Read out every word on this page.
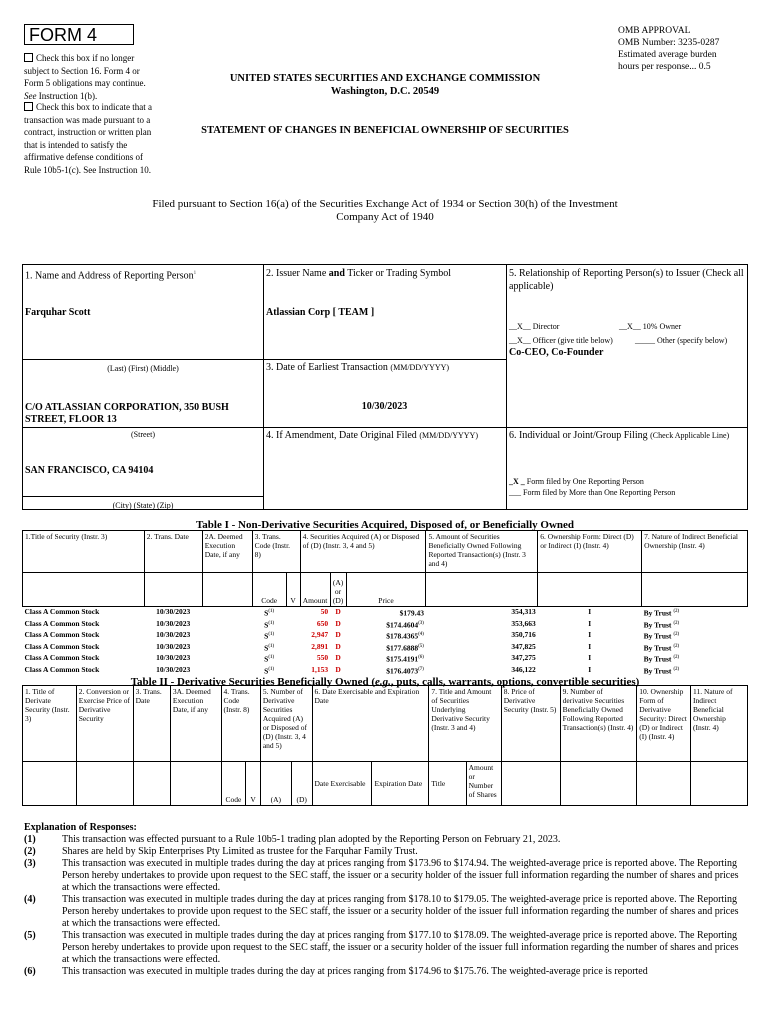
FORM 4
Check this box if no longer subject to Section 16. Form 4 or Form 5 obligations may continue. See Instruction 1(b).
Check this box to indicate that a transaction was made pursuant to a contract, instruction or written plan that is intended to satisfy the affirmative defense conditions of Rule 10b5-1(c). See Instruction 10.
OMB APPROVAL
OMB Number: 3235-0287
Estimated average burden
hours per response... 0.5
UNITED STATES SECURITIES AND EXCHANGE COMMISSION
Washington, D.C. 20549
STATEMENT OF CHANGES IN BENEFICIAL OWNERSHIP OF SECURITIES
Filed pursuant to Section 16(a) of the Securities Exchange Act of 1934 or Section 30(h) of the Investment Company Act of 1940
1. Name and Address of Reporting Person$^1$
Farquhar Scott
(Last) (First) (Middle)
C/O ATLASSIAN CORPORATION, 350 BUSH STREET, FLOOR 13
(Street)
SAN FRANCISCO, CA 94104
(City) (State) (Zip)
2. Issuer Name and Ticker or Trading Symbol
Atlassian Corp [ TEAM ]
3. Date of Earliest Transaction (MM/DD/YYYY)
10/30/2023
4. If Amendment, Date Original Filed (MM/DD/YYYY)
5. Relationship of Reporting Person(s) to Issuer (Check all applicable)
__X__ Director	__X__ 10% Owner
__X__ Officer (give title below)	_____ Other (specify below)
Co-CEO, Co-Founder
6. Individual or Joint/Group Filing (Check Applicable Line)
_X _ Form filed by One Reporting Person
___ Form filed by More than One Reporting Person
Table I - Non-Derivative Securities Acquired, Disposed of, or Beneficially Owned
1.Title of Security (Instr. 3)	2. Trans. Date	2A. Deemed Execution Date, if any	3. Trans. Code (Instr. 8)		4. Securities Acquired (A) or Disposed of (D) (Instr. 3, 4 and 5)			5. Amount of Securities Beneficially Owned Following Reported Transaction(s) (Instr. 3 and 4)	6. Ownership Form: Direct (D) or Indirect (I) (Instr. 4)	7. Nature of Indirect Beneficial Ownership (Instr. 4)
			Code	V	Amount	(A) or (D)	Price			
Class A Common Stock	10/30/2023		$S^{(1)}$		50	D	$179.43	354,313	I	By Trust $^{(2)}$
Class A Common Stock	10/30/2023		$S^{(1)}$		650	D	$174.4604$^{(3)}$	353,663	I	By Trust $^{(2)}$
Class A Common Stock	10/30/2023		$S^{(1)}$		2,947	D	$178.4365$^{(4)}$	350,716	I	By Trust $^{(2)}$
Class A Common Stock	10/30/2023		$S^{(1)}$		2,891	D	$177.6888$^{(5)}$	347,825	I	By Trust $^{(2)}$
Class A Common Stock	10/30/2023		$S^{(1)}$		550	D	$175.4191$^{(6)}$	347,275	I	By Trust $^{(2)}$
Class A Common Stock	10/30/2023		$S^{(1)}$		1,153	D	$176.4073$^{(7)}$	346,122	I	By Trust $^{(2)}$
Table II - Derivative Securities Beneficially Owned (e.g., puts, calls, warrants, options, convertible securities)
1. Title of Derivate Security (Instr. 3)	2. Conversion or Exercise Price of Derivative Security	3. Trans. Date	3A. Deemed Execution Date, if any	4. Trans. Code (Instr. 8)		5. Number of Derivative Securities Acquired (A) or Disposed of (D) (Instr. 3, 4 and 5)		6. Date Exercisable and Expiration Date		7. Title and Amount of Securities Underlying Derivative Security (Instr. 3 and 4)		8. Price of Derivative Security (Instr. 5)	9. Number of derivative Securities Beneficially Owned Following Reported Transaction(s) (Instr. 4)	10. Ownership Form of Derivative Security: Direct (D) or Indirect (I) (Instr. 4)	11. Nature of Indirect Beneficial Ownership (Instr. 4)
				Code	V	(A)	(D)	Date Exercisable	Expiration Date	Title	Amount or Number of Shares				
Explanation of Responses:
(1)	This transaction was effected pursuant to a Rule 10b5-1 trading plan adopted by the Reporting Person on February 21, 2023.
(2)	Shares are held by Skip Enterprises Pty Limited as trustee for the Farquhar Family Trust.
(3)	This transaction was executed in multiple trades during the day at prices ranging from $173.96 to $174.94. The weighted-average price is reported above. The Reporting Person hereby undertakes to provide upon request to the SEC staff, the issuer or a security holder of the issuer full information regarding the number of shares and prices at which the transactions were effected.
(4)	This transaction was executed in multiple trades during the day at prices ranging from $178.10 to $179.05. The weighted-average price is reported above. The Reporting Person hereby undertakes to provide upon request to the SEC staff, the issuer or a security holder of the issuer full information regarding the number of shares and prices at which the transactions were effected.
(5)	This transaction was executed in multiple trades during the day at prices ranging from $177.10 to $178.09. The weighted-average price is reported above. The Reporting Person hereby undertakes to provide upon request to the SEC staff, the issuer or a security holder of the issuer full information regarding the number of shares and prices at which the transactions were effected.
(6)	This transaction was executed in multiple trades during the day at prices ranging from $174.96 to $175.76. The weighted-average price is reported
